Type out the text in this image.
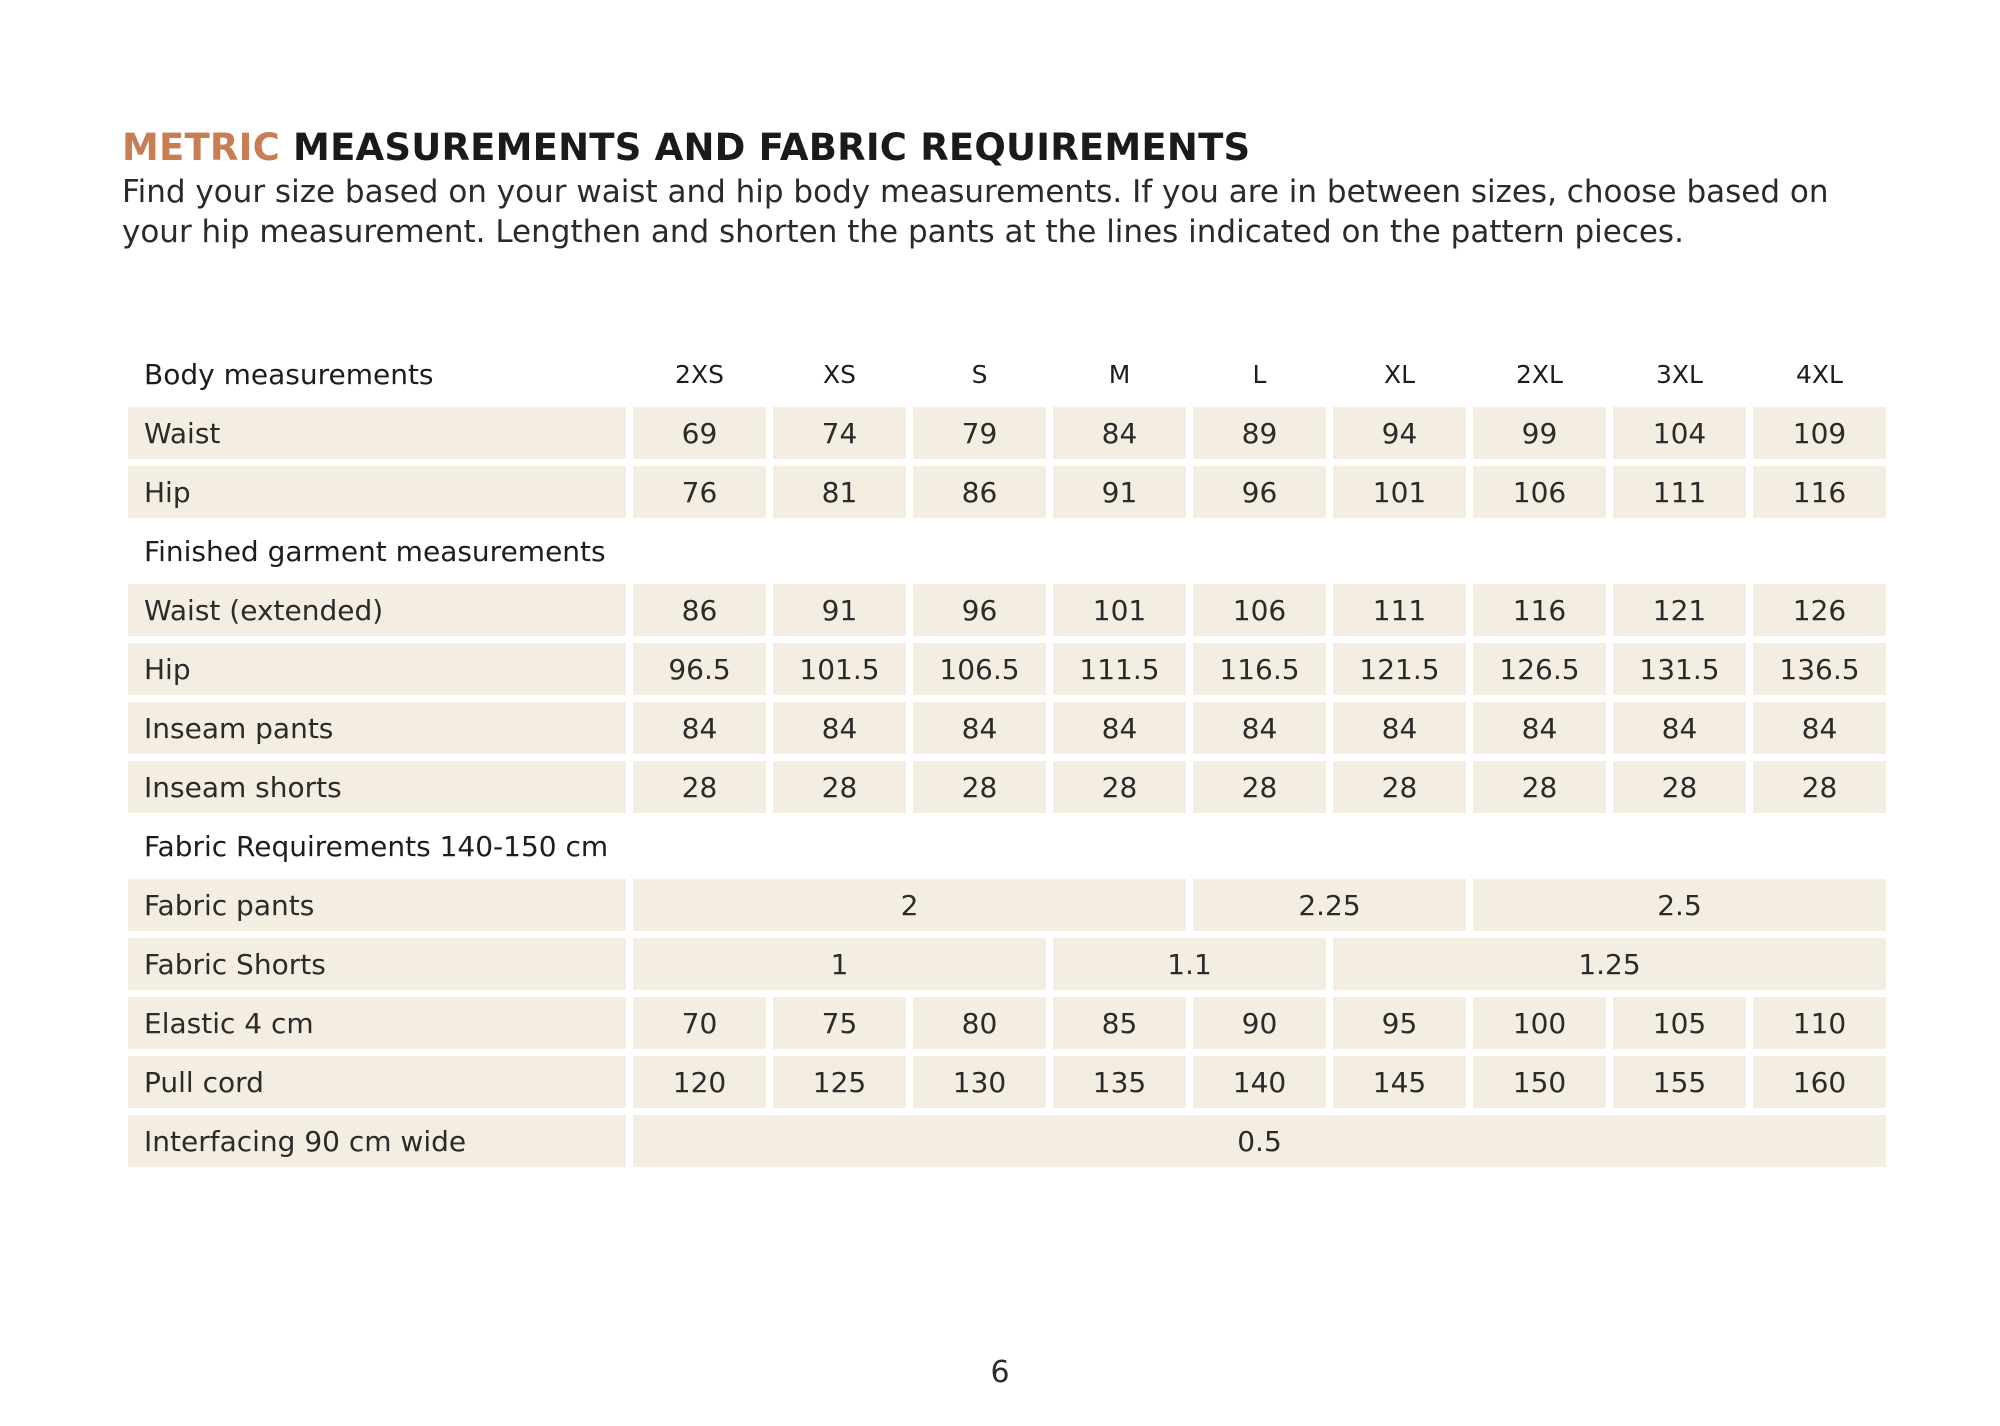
METRIC MEASUREMENTS AND FABRIC REQUIREMENTS

Find your size based on your waist and hip body measurements. If you are in between sizes, choose based on your hip measurement. Lengthen and shorten the pants at the lines indicated on the pattern pieces.

Body measurements	2XS	XS	S	M	L	XL	2XL	3XL	4XL
Waist	69	74	79	84	89	94	99	104	109
Hip	76	81	86	91	96	101	106	111	116
Finished garment measurements
Waist (extended)	86	91	96	101	106	111	116	121	126
Hip	96.5	101.5	106.5	111.5	116.5	121.5	126.5	131.5	136.5
Inseam pants	84	84	84	84	84	84	84	84	84
Inseam shorts	28	28	28	28	28	28	28	28	28
Fabric Requirements 140-150 cm
Fabric pants	2	2.25	2.5
Fabric Shorts	1	1.1	1.25
Elastic 4 cm	70	75	80	85	90	95	100	105	110
Pull cord	120	125	130	135	140	145	150	155	160
Interfacing 90 cm wide	0.5
6
